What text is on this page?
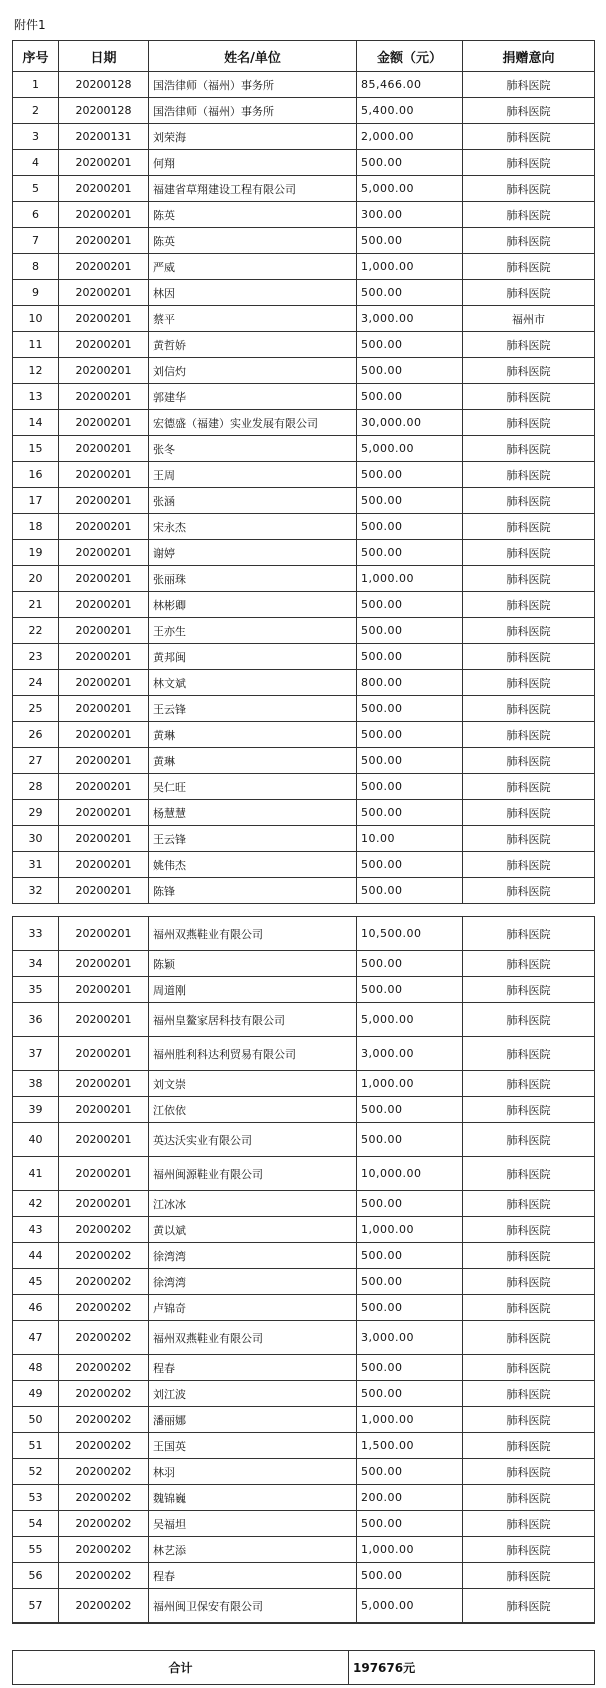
附件1
序号	日期	姓名/单位	金额（元）	捐赠意向
1	20200128	国浩律师（福州）事务所	85,466.00	肺科医院
2	20200128	国浩律师（福州）事务所	5,400.00	肺科医院
3	20200131	刘荣海	2,000.00	肺科医院
4	20200201	何翔	500.00	肺科医院
5	20200201	福建省草翔建设工程有限公司	5,000.00	肺科医院
6	20200201	陈英	300.00	肺科医院
7	20200201	陈英	500.00	肺科医院
8	20200201	严威	1,000.00	肺科医院
9	20200201	林因	500.00	肺科医院
10	20200201	蔡平	3,000.00	福州市
11	20200201	黄哲娇	500.00	肺科医院
12	20200201	刘信灼	500.00	肺科医院
13	20200201	郭建华	500.00	肺科医院
14	20200201	宏德盛（福建）实业发展有限公司	30,000.00	肺科医院
15	20200201	张冬	5,000.00	肺科医院
16	20200201	王周	500.00	肺科医院
17	20200201	张涵	500.00	肺科医院
18	20200201	宋永杰	500.00	肺科医院
19	20200201	谢婷	500.00	肺科医院
20	20200201	张丽珠	1,000.00	肺科医院
21	20200201	林彬卿	500.00	肺科医院
22	20200201	王亦生	500.00	肺科医院
23	20200201	黄邦闽	500.00	肺科医院
24	20200201	林文斌	800.00	肺科医院
25	20200201	王云锋	500.00	肺科医院
26	20200201	黄琳	500.00	肺科医院
27	20200201	黄琳	500.00	肺科医院
28	20200201	吴仁旺	500.00	肺科医院
29	20200201	杨慧慧	500.00	肺科医院
30	20200201	王云锋	10.00	肺科医院
31	20200201	姚伟杰	500.00	肺科医院
32	20200201	陈锋	500.00	肺科医院
33	20200201	福州双燕鞋业有限公司	10,500.00	肺科医院
34	20200201	陈颖	500.00	肺科医院
35	20200201	周道刚	500.00	肺科医院
36	20200201	福州皇鳌家居科技有限公司	5,000.00	肺科医院
37	20200201	福州胜利科达利贸易有限公司	3,000.00	肺科医院
38	20200201	刘文崇	1,000.00	肺科医院
39	20200201	江依依	500.00	肺科医院
40	20200201	英达沃实业有限公司	500.00	肺科医院
41	20200201	福州闽源鞋业有限公司	10,000.00	肺科医院
42	20200201	江冰冰	500.00	肺科医院
43	20200202	黄以斌	1,000.00	肺科医院
44	20200202	徐湾湾	500.00	肺科医院
45	20200202	徐湾湾	500.00	肺科医院
46	20200202	卢锦奇	500.00	肺科医院
47	20200202	福州双燕鞋业有限公司	3,000.00	肺科医院
48	20200202	程春	500.00	肺科医院
49	20200202	刘江波	500.00	肺科医院
50	20200202	潘丽娜	1,000.00	肺科医院
51	20200202	王国英	1,500.00	肺科医院
52	20200202	林羽	500.00	肺科医院
53	20200202	魏锦巍	200.00	肺科医院
54	20200202	吴福坦	500.00	肺科医院
55	20200202	林艺添	1,000.00	肺科医院
56	20200202	程春	500.00	肺科医院
57	20200202	福州闽卫保安有限公司	5,000.00	肺科医院
合计	197676元
